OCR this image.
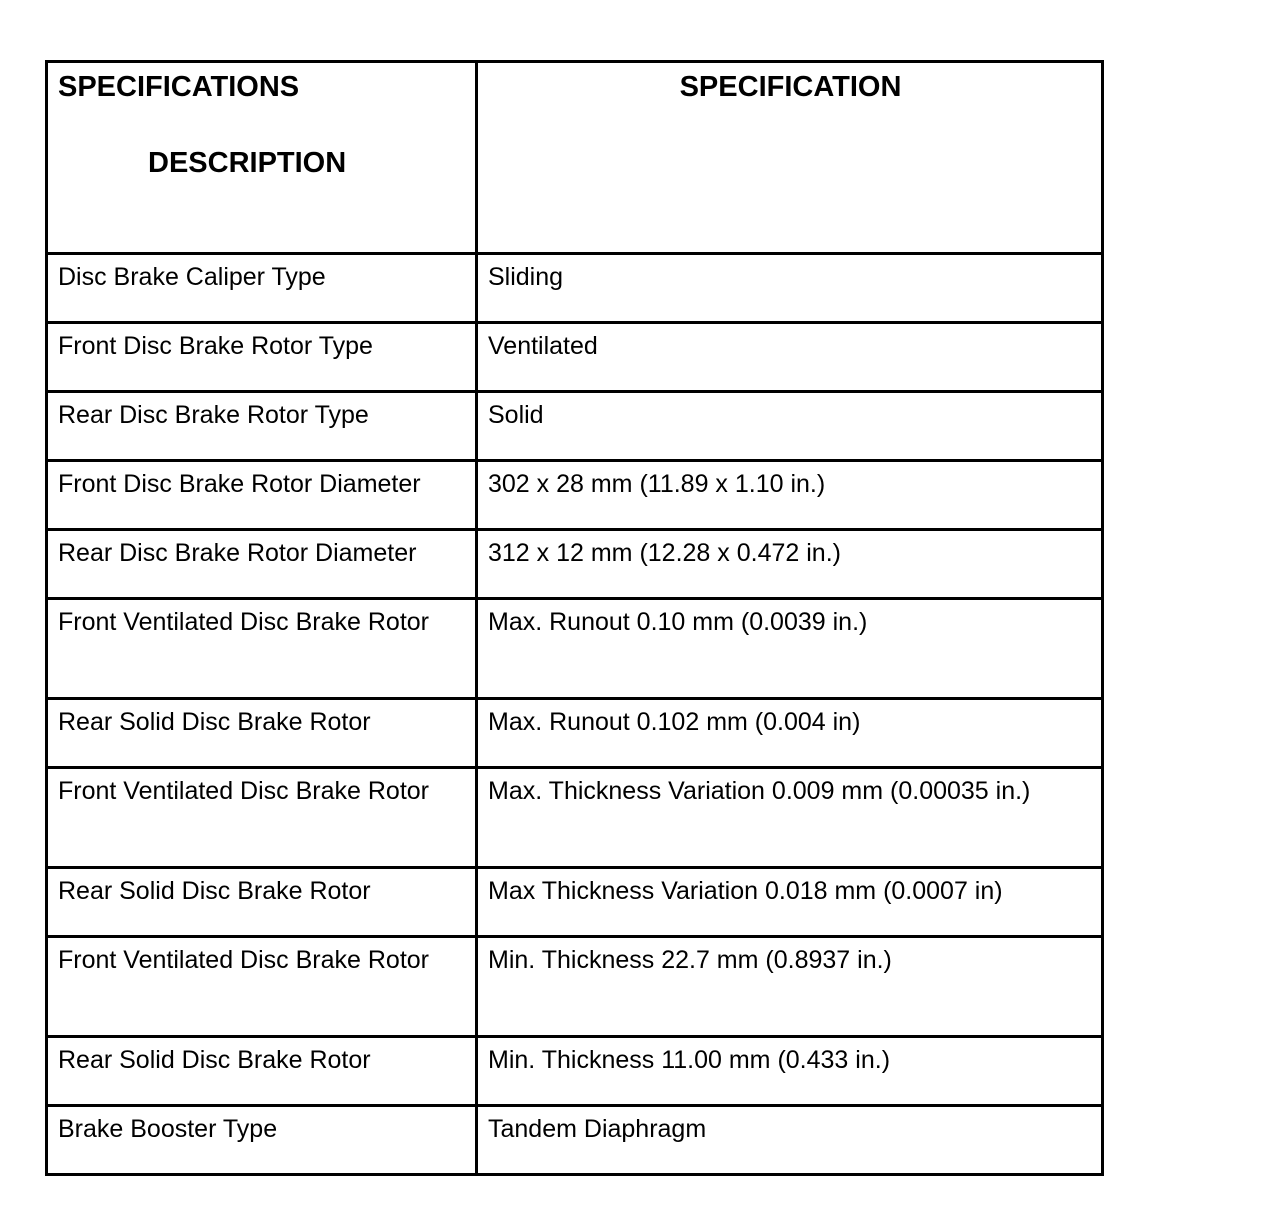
SPECIFICATIONS
DESCRIPTION	SPECIFICATION

Disc Brake Caliper Type	Sliding
Front Disc Brake Rotor Type	Ventilated
Rear Disc Brake Rotor Type	Solid
Front Disc Brake Rotor Diameter	302 x 28 mm (11.89 x 1.10 in.)
Rear Disc Brake Rotor Diameter	312 x 12 mm (12.28 x 0.472 in.)
Front Ventilated Disc Brake Rotor	Max. Runout 0.10 mm (0.0039 in.)
Rear Solid Disc Brake Rotor	Max. Runout 0.102 mm (0.004 in)
Front Ventilated Disc Brake Rotor	Max. Thickness Variation 0.009 mm (0.00035 in.)
Rear Solid Disc Brake Rotor	Max Thickness Variation 0.018 mm (0.0007 in)
Front Ventilated Disc Brake Rotor	Min. Thickness 22.7 mm (0.8937 in.)
Rear Solid Disc Brake Rotor	Min. Thickness 11.00 mm (0.433 in.)
Brake Booster Type	Tandem Diaphragm
